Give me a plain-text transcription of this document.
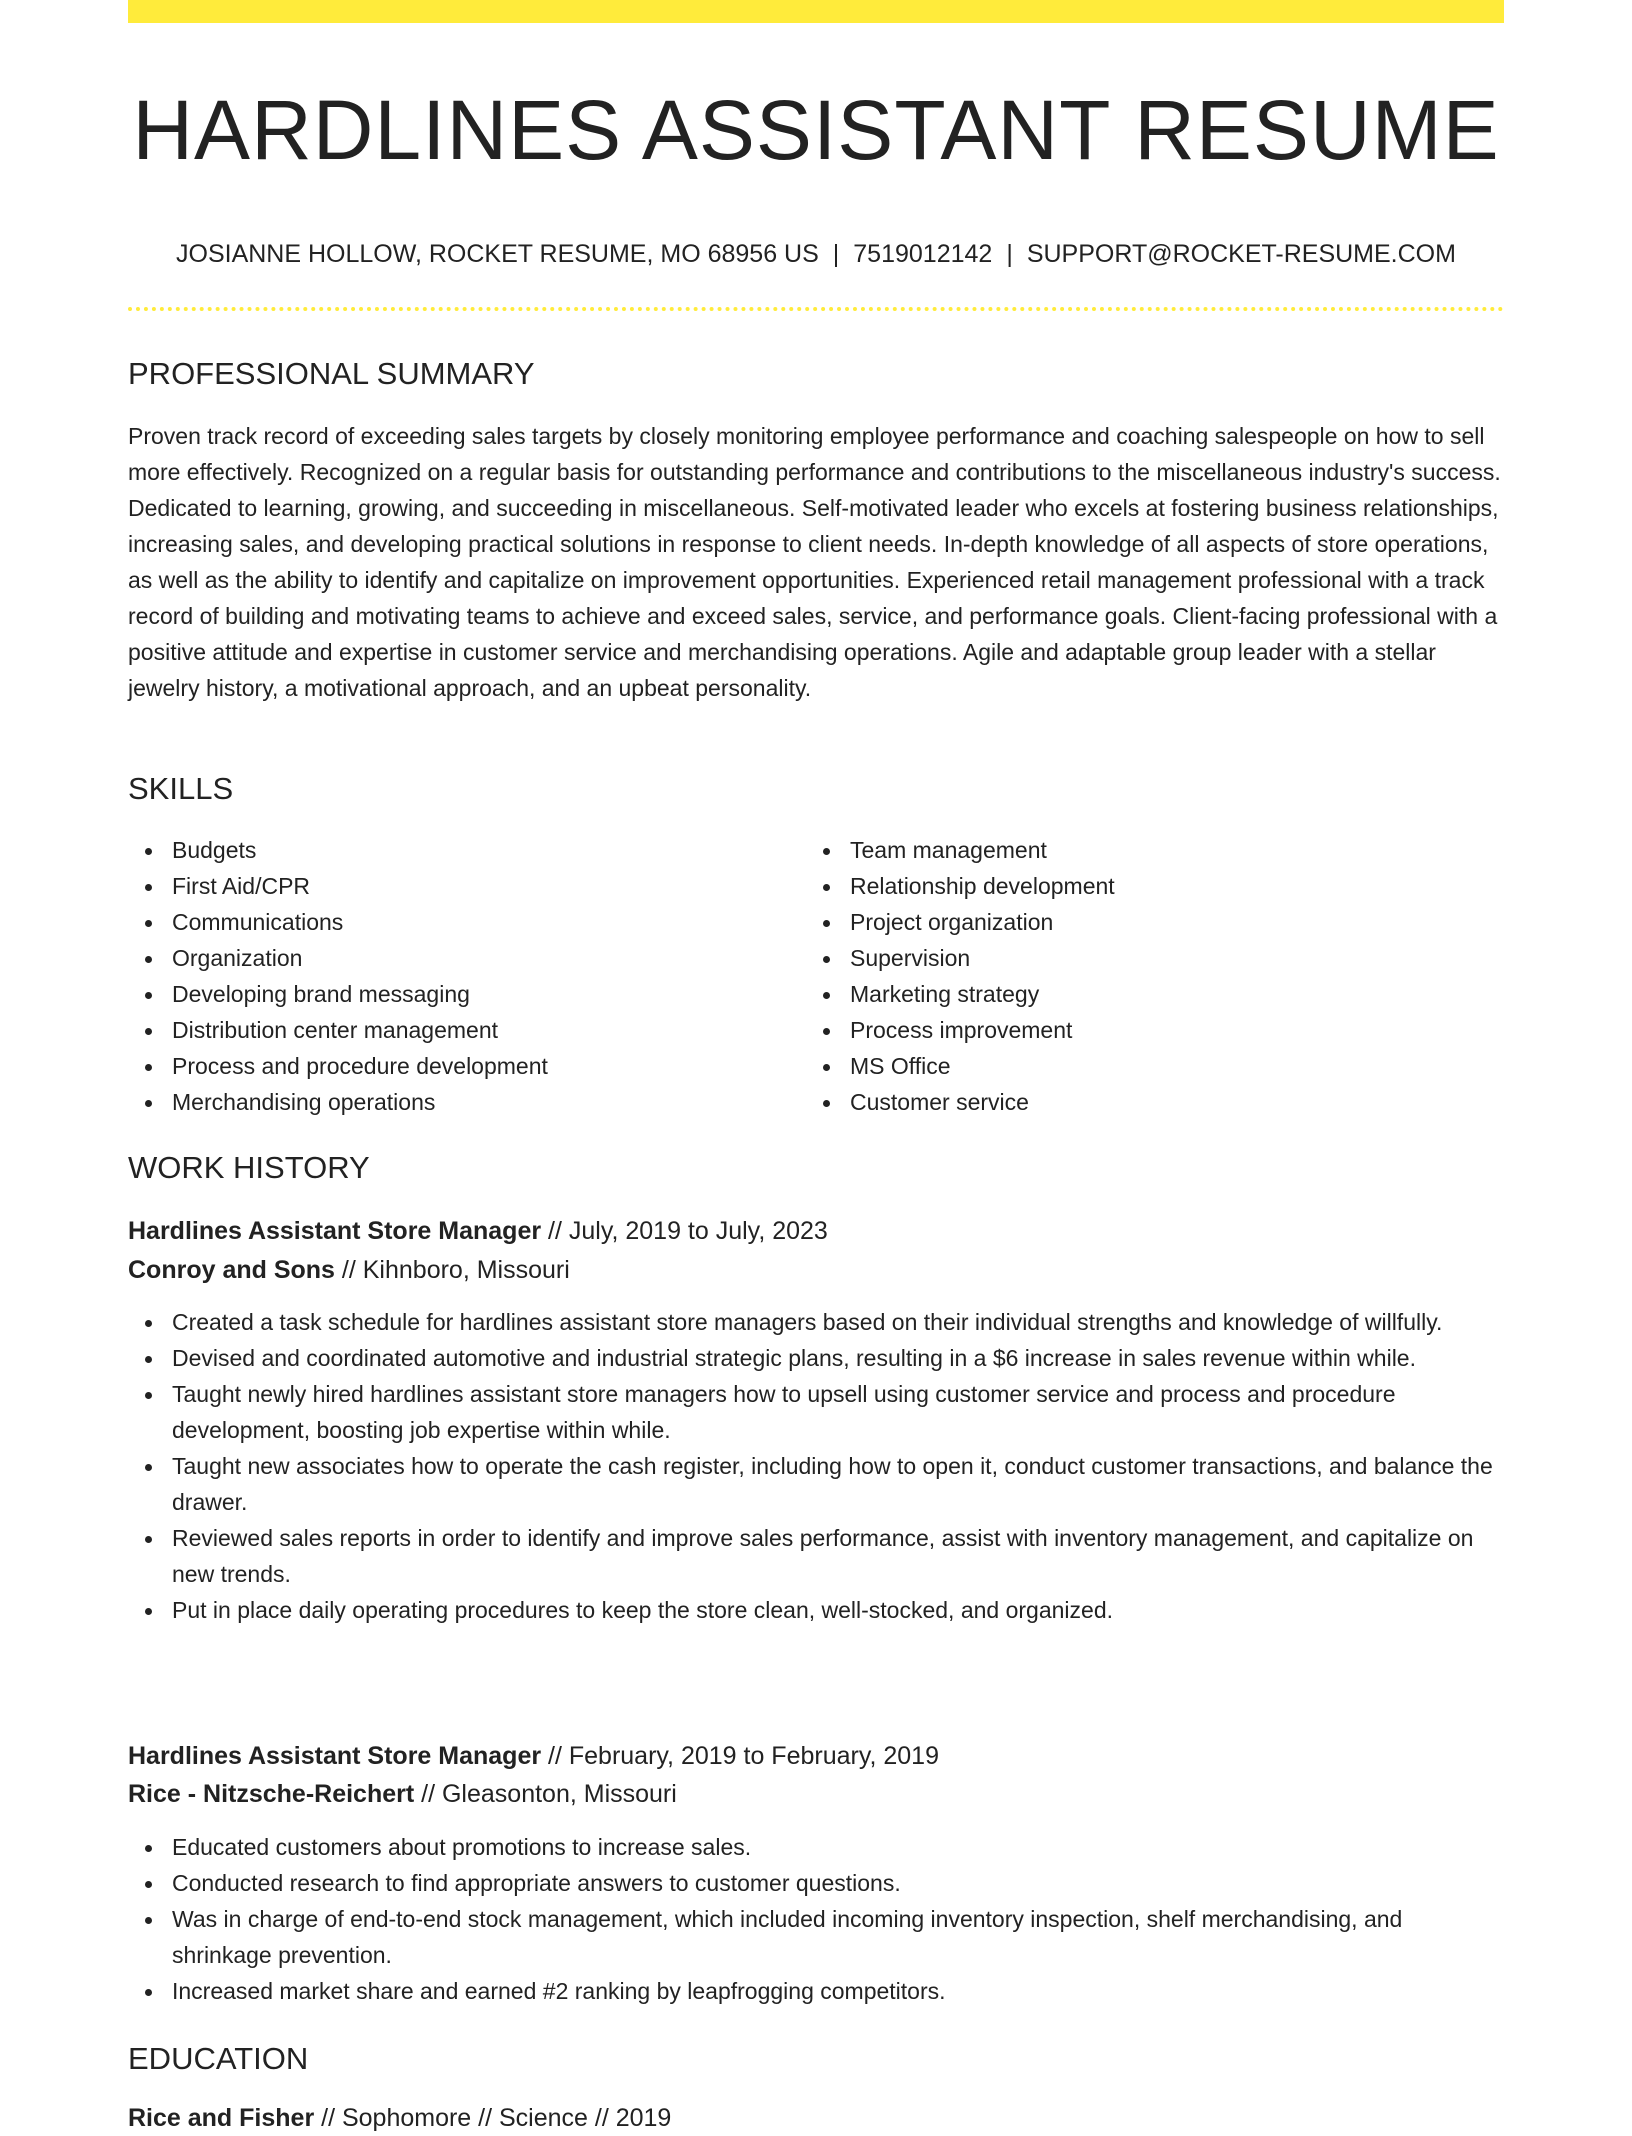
HARDLINES ASSISTANT RESUME
JOSIANNE HOLLOW, ROCKET RESUME, MO 68956 US | 7519012142 | SUPPORT@ROCKET-RESUME.COM
PROFESSIONAL SUMMARY

Proven track record of exceeding sales targets by closely monitoring employee performance and coaching salespeople on how to sell more effectively. Recognized on a regular basis for outstanding performance and contributions to the miscellaneous industry's success. Dedicated to learning, growing, and succeeding in miscellaneous. Self-motivated leader who excels at fostering business relationships, increasing sales, and developing practical solutions in response to client needs. In-depth knowledge of all aspects of store operations, as well as the ability to identify and capitalize on improvement opportunities. Experienced retail management professional with a track record of building and motivating teams to achieve and exceed sales, service, and performance goals. Client-facing professional with a positive attitude and expertise in customer service and merchandising operations. Agile and adaptable group leader with a stellar jewelry history, a motivational approach, and an upbeat personality.

SKILLS
Budgets
First Aid/CPR
Communications
Organization
Developing brand messaging
Distribution center management
Process and procedure development
Merchandising operations
Team management
Relationship development
Project organization
Supervision
Marketing strategy
Process improvement
MS Office
Customer service
WORK HISTORY
Hardlines Assistant Store Manager // July, 2019 to July, 2023
Conroy and Sons // Kihnboro, Missouri
Created a task schedule for hardlines assistant store managers based on their individual strengths and knowledge of willfully.
Devised and coordinated automotive and industrial strategic plans, resulting in a $6 increase in sales revenue within while.
Taught newly hired hardlines assistant store managers how to upsell using customer service and process and procedure development, boosting job expertise within while.
Taught new associates how to operate the cash register, including how to open it, conduct customer transactions, and balance the drawer.
Reviewed sales reports in order to identify and improve sales performance, assist with inventory management, and capitalize on new trends.
Put in place daily operating procedures to keep the store clean, well-stocked, and organized.
Hardlines Assistant Store Manager // February, 2019 to February, 2019
Rice - Nitzsche-Reichert // Gleasonton, Missouri
Educated customers about promotions to increase sales.
Conducted research to find appropriate answers to customer questions.
Was in charge of end-to-end stock management, which included incoming inventory inspection, shelf merchandising, and shrinkage prevention.
Increased market share and earned #2 ranking by leapfrogging competitors.
EDUCATION
Rice and Fisher // Sophomore // Science // 2019
